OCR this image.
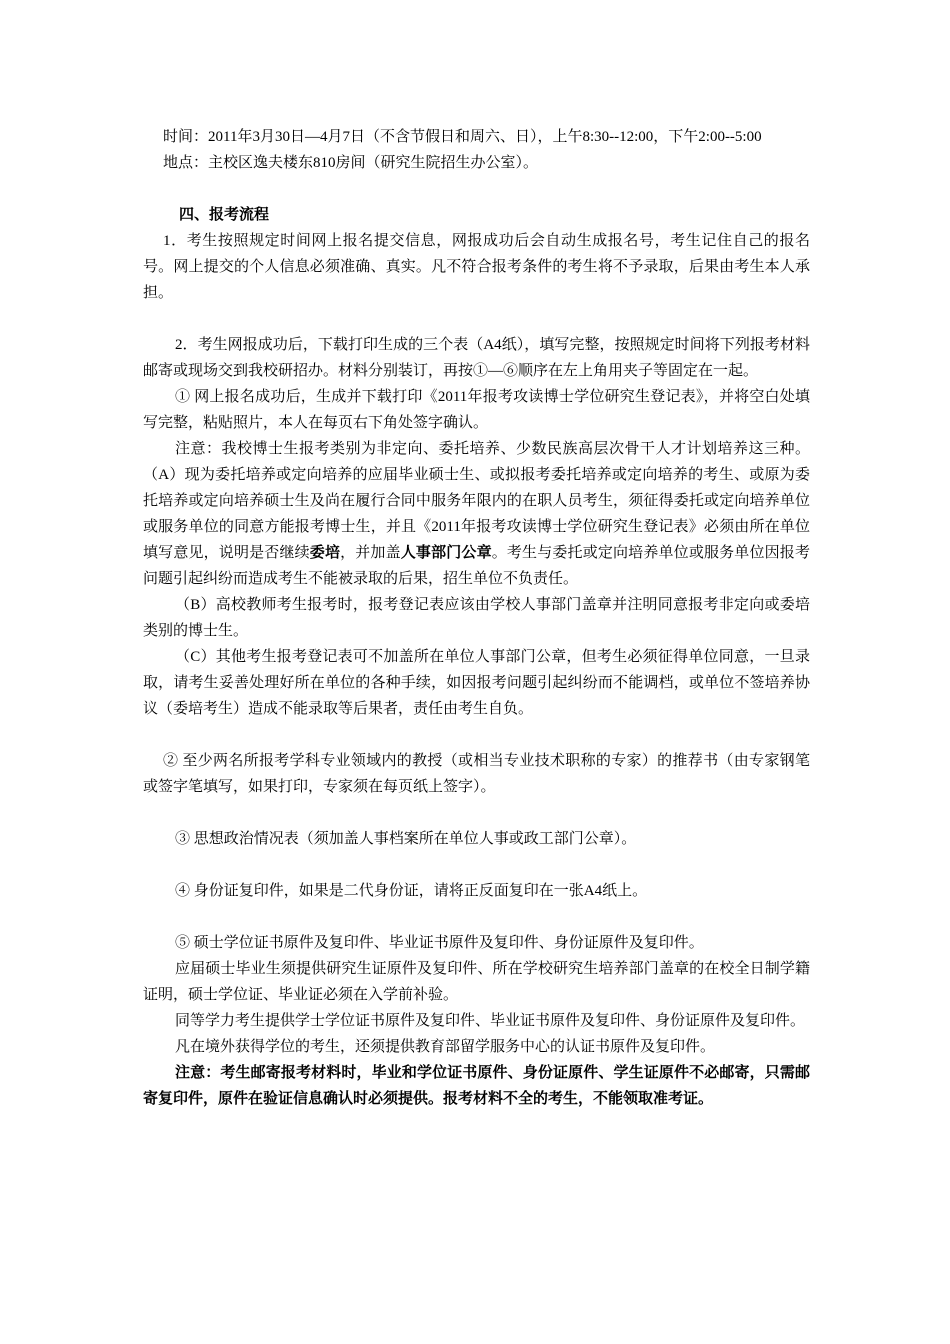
时间：2011年3月30日—4月7日（不含节假日和周六、日），上午8:30--12:00，下午2:00--5:00

地点：主校区逸夫楼东810房间（研究生院招生办公室）。

四、报考流程

1．考生按照规定时间网上报名提交信息，网报成功后会自动生成报名号，考生记住自己的报名号。网上提交的个人信息必须准确、真实。凡不符合报考条件的考生将不予录取，后果由考生本人承担。

2．考生网报成功后，下载打印生成的三个表（A4纸），填写完整，按照规定时间将下列报考材料邮寄或现场交到我校研招办。材料分别装订，再按①—⑥顺序在左上角用夹子等固定在一起。

① 网上报名成功后，生成并下载打印《2011年报考攻读博士学位研究生登记表》，并将空白处填写完整，粘贴照片，本人在每页右下角处签字确认。

注意：我校博士生报考类别为非定向、委托培养、少数民族高层次骨干人才计划培养这三种。（A）现为委托培养或定向培养的应届毕业硕士生、或拟报考委托培养或定向培养的考生、或原为委托培养或定向培养硕士生及尚在履行合同中服务年限内的在职人员考生，须征得委托或定向培养单位或服务单位的同意方能报考博士生，并且《2011年报考攻读博士学位研究生登记表》必须由所在单位填写意见，说明是否继续委培，并加盖人事部门公章。考生与委托或定向培养单位或服务单位因报考问题引起纠纷而造成考生不能被录取的后果，招生单位不负责任。

（B）高校教师考生报考时，报考登记表应该由学校人事部门盖章并注明同意报考非定向或委培类别的博士生。

（C）其他考生报考登记表可不加盖所在单位人事部门公章，但考生必须征得单位同意，一旦录取，请考生妥善处理好所在单位的各种手续，如因报考问题引起纠纷而不能调档，或单位不签培养协议（委培考生）造成不能录取等后果者，责任由考生自负。

② 至少两名所报考学科专业领域内的教授（或相当专业技术职称的专家）的推荐书（由专家钢笔或签字笔填写，如果打印，专家须在每页纸上签字）。

③ 思想政治情况表（须加盖人事档案所在单位人事或政工部门公章）。

④ 身份证复印件，如果是二代身份证，请将正反面复印在一张A4纸上。

⑤ 硕士学位证书原件及复印件、毕业证书原件及复印件、身份证原件及复印件。

应届硕士毕业生须提供研究生证原件及复印件、所在学校研究生培养部门盖章的在校全日制学籍证明，硕士学位证、毕业证必须在入学前补验。

同等学力考生提供学士学位证书原件及复印件、毕业证书原件及复印件、身份证原件及复印件。

凡在境外获得学位的考生，还须提供教育部留学服务中心的认证书原件及复印件。

注意：考生邮寄报考材料时，毕业和学位证书原件、身份证原件、学生证原件不必邮寄，只需邮寄复印件，原件在验证信息确认时必须提供。报考材料不全的考生，不能领取准考证。
